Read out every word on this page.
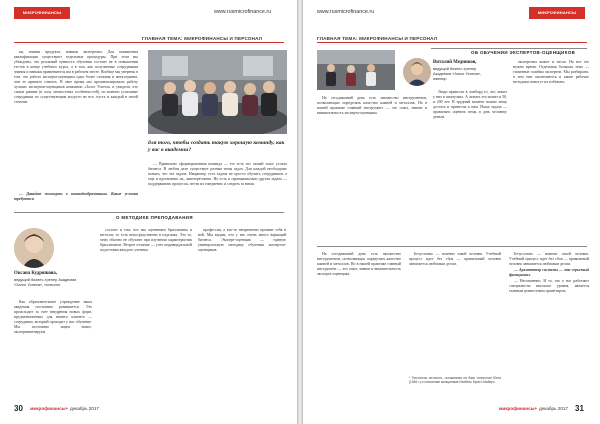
МИКРОФИНАНСЫ	www.rusmicrofinance.ru
ГЛАВНАЯ ТЕМА: МИКРОФИНАНСЫ И ПЕРСОНАЛ

ки, знания продукта, навыки экспертизы. Для повышения квалификации существуют отдельные процедуры. При этом мы убеждены, что реальный ценность обучения состоит не в повышении тестов в конце учебного курса, а в том, как полученные сотрудником знания и навыки применяются им в рабочем месте. Вообще мы уверены в том, что работа эксперта-оценщика одна более сложная и многогранна, чем ее принято считать. В свое время мы проанализировали работу лучших экспертов-оценщиков компании «Залог Успеха» и увидели, что самые ранние (в силу личностных особенностей), но именно успешные сотрудники по существующим когда-то не все, пусть и каждый в своей степени.

— Давайте поговорим о командообразовании. Какие условия требуются
для того, чтобы создать такую хорошую команду, как у вас в академии?

— Правильно сформированная команда — это есть тот самый залог успеха бизнеса. В любом деле существует разные типы задач. Для каждой необходимо понять, что эта задача. Например, есть задача не просто обучить сотрудников, а еще и вдохновить их, заинтересовать. Но есть и принципиально другая задача — поддерживать процессы, вести их ежедневно и следить за ними.

О МЕТОДИКЕ ПРЕПОДАВАНИЯ
Оксана Кудряшова,
ведущий бизнес-тренер Академии «Залог Успеха», психолог

Как образовательное учреждение наша академия постоянно развивается. Это происходит за счет внедрения новых форм, предназначенных для нашего клиента — сотрудника, который проходит у нас обучение. Мы постоянно ищем новое, экспериментируем.

состоит в том, что мы оцениваем бриллианты в металле, то есть непосредственно в изделиях. Это то, чему обычно не обучают при изучении характеристик бриллиантов. Второе отличие — учет индивидуальной подготовки каждого ученика.

профессия, а кто-то непременно проявит себя в ней. Мы видим, что у нас очень много вариаций бизнеса. Эксперт-оценщик — единую универсальную методику обучения экспертов-оценщиков.

30 микрофинансы+ декабрь 2017
www.rusmicrofinance.ru	МИКРОФИНАНСЫ
ГЛАВНАЯ ТЕМА: МИКРОФИНАНСЫ И ПЕРСОНАЛ
ОБ ОБУЧЕНИИ ЭКСПЕРТОВ-ОЦЕНЩИКОВ
Виталий Медников,
ведущий бизнес-тренер Академии «Залог Успеха», ювелир

Люди приносят в ломбард то, что лежит у них в шкатулках. А лежать это может и 50, и 200 лет. В трудный момент можно вещь достать и принести к нам. Наша задача — правильно оценить вещь и дать человеку деньги.

экспертизы может и часок. На все это нужно время. Отдельная большая тема — типичные ошибки экспертов. Мы разбираем, в чем они заключаются и какие рабочие методики помогут их избежать.

На сегодняшний день есть множество инструментов, позволяющих определять качество камней и металлов. Но в нашей практике главный инструмент — это опыт, знание и внимательность эксперта-оценщика.

На сегодняшний день есть множество инструментов, позволяющих определять качество камней и металлов. Но в нашей практике главный инструмент — это опыт, знание и внимательность эксперта-оценщика.

Безусловно — именно такой человек. Учебный процесс идет без сбоя — правильный человек занимается любимым делом.

Безусловно — именно такой человек. Учебный процесс идет без сбоя — правильный человек занимается любимым делом.

— Архитектор системы — это серьезный функционал.

— Несомненно. И то, что у нас работают специалисты высокого уровня, является главным ценностным ориентиром.

* Типология личности, основанная на базе типологии Юнга (1946 г.) и описанная женщинами Изабель Бриггс-Майерс.
микрофинансы+ декабрь 2017 31
